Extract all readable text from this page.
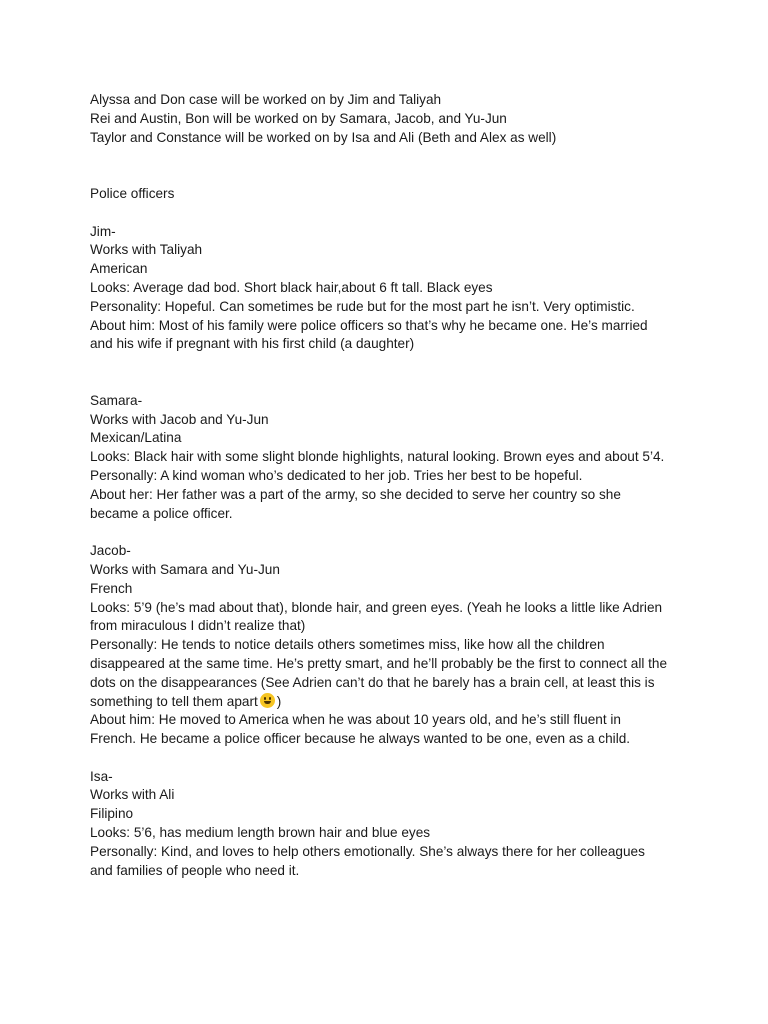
Alyssa and Don case will be worked on by Jim and Taliyah
Rei and Austin, Bon will be worked on by Samara, Jacob, and Yu-Jun
Taylor and Constance will be worked on by Isa and Ali (Beth and Alex as well)
Police officers
Jim-
Works with Taliyah
American
Looks: Average dad bod. Short black hair,about 6 ft tall. Black eyes
Personality: Hopeful. Can sometimes be rude but for the most part he isn’t. Very optimistic.
About him: Most of his family were police officers so that’s why he became one. He’s married
and his wife if pregnant with his first child (a daughter)
Samara-
Works with Jacob and Yu-Jun
Mexican/Latina
Looks: Black hair with some slight blonde highlights, natural looking. Brown eyes and about 5’4.
Personally: A kind woman who’s dedicated to her job. Tries her best to be hopeful.
About her: Her father was a part of the army, so she decided to serve her country so she
became a police officer.
Jacob-
Works with Samara and Yu-Jun
French
Looks: 5’9 (he’s mad about that), blonde hair, and green eyes. (Yeah he looks a little like Adrien
from miraculous I didn’t realize that)
Personally: He tends to notice details others sometimes miss, like how all the children
disappeared at the same time. He’s pretty smart, and he’ll probably be the first to connect all the
dots on the disappearances (See Adrien can’t do that he barely has a brain cell, at least this is
something to tell them apart )
About him: He moved to America when he was about 10 years old, and he’s still fluent in
French. He became a police officer because he always wanted to be one, even as a child.
Isa-
Works with Ali
Filipino
Looks: 5’6, has medium length brown hair and blue eyes
Personally: Kind, and loves to help others emotionally. She’s always there for her colleagues
and families of people who need it.
